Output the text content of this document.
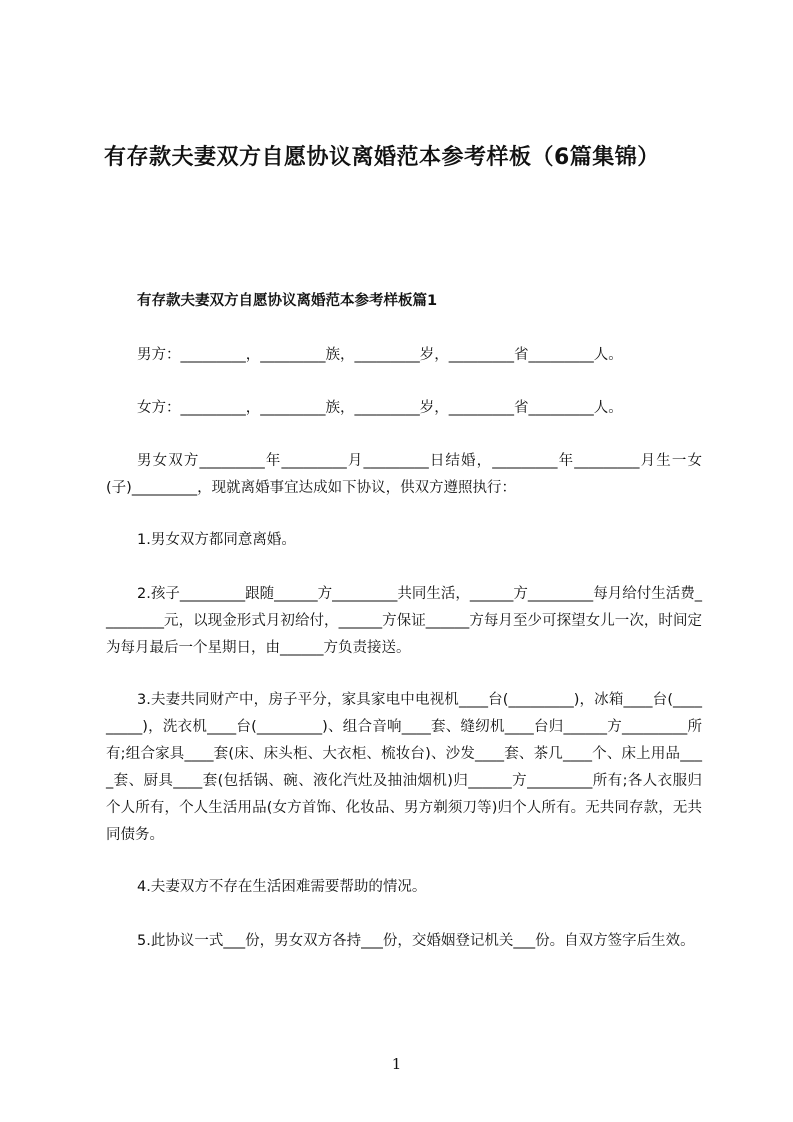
有存款夫妻双方自愿协议离婚范本参考样板（6篇集锦）
有存款夫妻双方自愿协议离婚范本参考样板篇1
男方：_________，_________族，_________岁，_________省_________人。
女方：_________，_________族，_________岁，_________省_________人。
男女双方_________年_________月_________日结婚，_________年_________月生一女(子)_________，现就离婚事宜达成如下协议，供双方遵照执行：
1.男女双方都同意离婚。
2.孩子_________跟随______方_________共同生活，______方_________每月给付生活费_________元，以现金形式月初给付，______方保证______方每月至少可探望女儿一次，时间定为每月最后一个星期日，由______方负责接送。
3.夫妻共同财产中，房子平分，家具家电中电视机____台(_________)，冰箱____台(_________)，洗衣机____台(_________)、组合音响____套、缝纫机____台归______方_________所有;组合家具____套(床、床头柜、大衣柜、梳妆台)、沙发____套、茶几____个、床上用品____套、厨具____套(包括锅、碗、液化汽灶及抽油烟机)归______方_________所有;各人衣服归个人所有，个人生活用品(女方首饰、化妆品、男方剃须刀等)归个人所有。无共同存款，无共同债务。
4.夫妻双方不存在生活困难需要帮助的情况。
5.此协议一式___份，男女双方各持___份，交婚姻登记机关___份。自双方签字后生效。
1
